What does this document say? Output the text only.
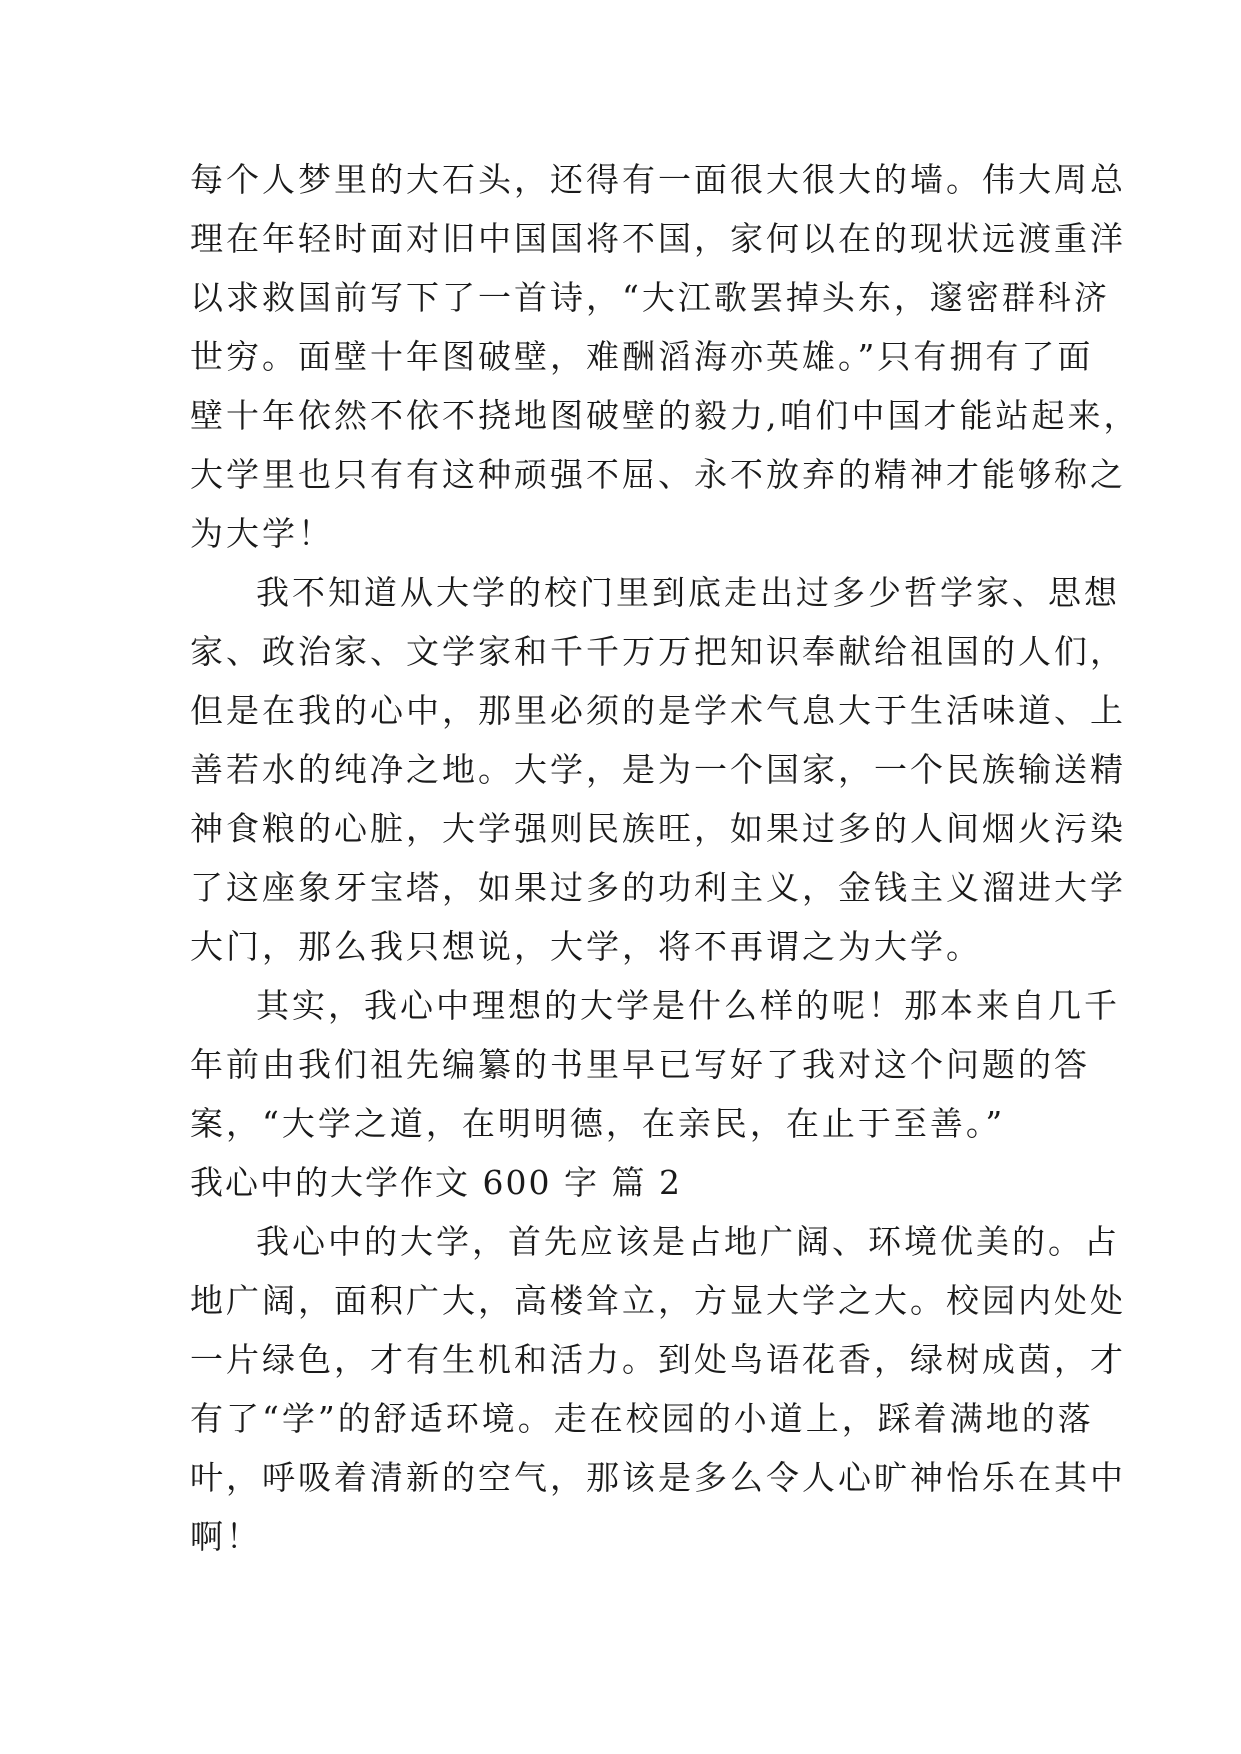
每个人梦里的大石头，还得有一面很大很大的墙。伟大周总
理在年轻时面对旧中国国将不国，家何以在的现状远渡重洋
以求救国前写下了一首诗，“大江歌罢掉头东，邃密群科济
世穷。面壁十年图破壁，难酬滔海亦英雄。”只有拥有了面
壁十年依然不依不挠地图破壁的毅力,咱们中国才能站起来，
大学里也只有有这种顽强不屈、永不放弃的精神才能够称之
为大学！
我不知道从大学的校门里到底走出过多少哲学家、思想
家、政治家、文学家和千千万万把知识奉献给祖国的人们，
但是在我的心中，那里必须的是学术气息大于生活味道、上
善若水的纯净之地。大学，是为一个国家，一个民族输送精
神食粮的心脏，大学强则民族旺，如果过多的人间烟火污染
了这座象牙宝塔，如果过多的功利主义，金钱主义溜进大学
大门，那么我只想说，大学，将不再谓之为大学。
其实，我心中理想的大学是什么样的呢！那本来自几千
年前由我们祖先编纂的书里早已写好了我对这个问题的答
案，“大学之道，在明明德，在亲民，在止于至善。”
我心中的大学作文 600 字 篇 2
我心中的大学，首先应该是占地广阔、环境优美的。占
地广阔，面积广大，高楼耸立，方显大学之大。校园内处处
一片绿色，才有生机和活力。到处鸟语花香，绿树成茵，才
有了“学”的舒适环境。走在校园的小道上，踩着满地的落
叶，呼吸着清新的空气，那该是多么令人心旷神怡乐在其中
啊！
